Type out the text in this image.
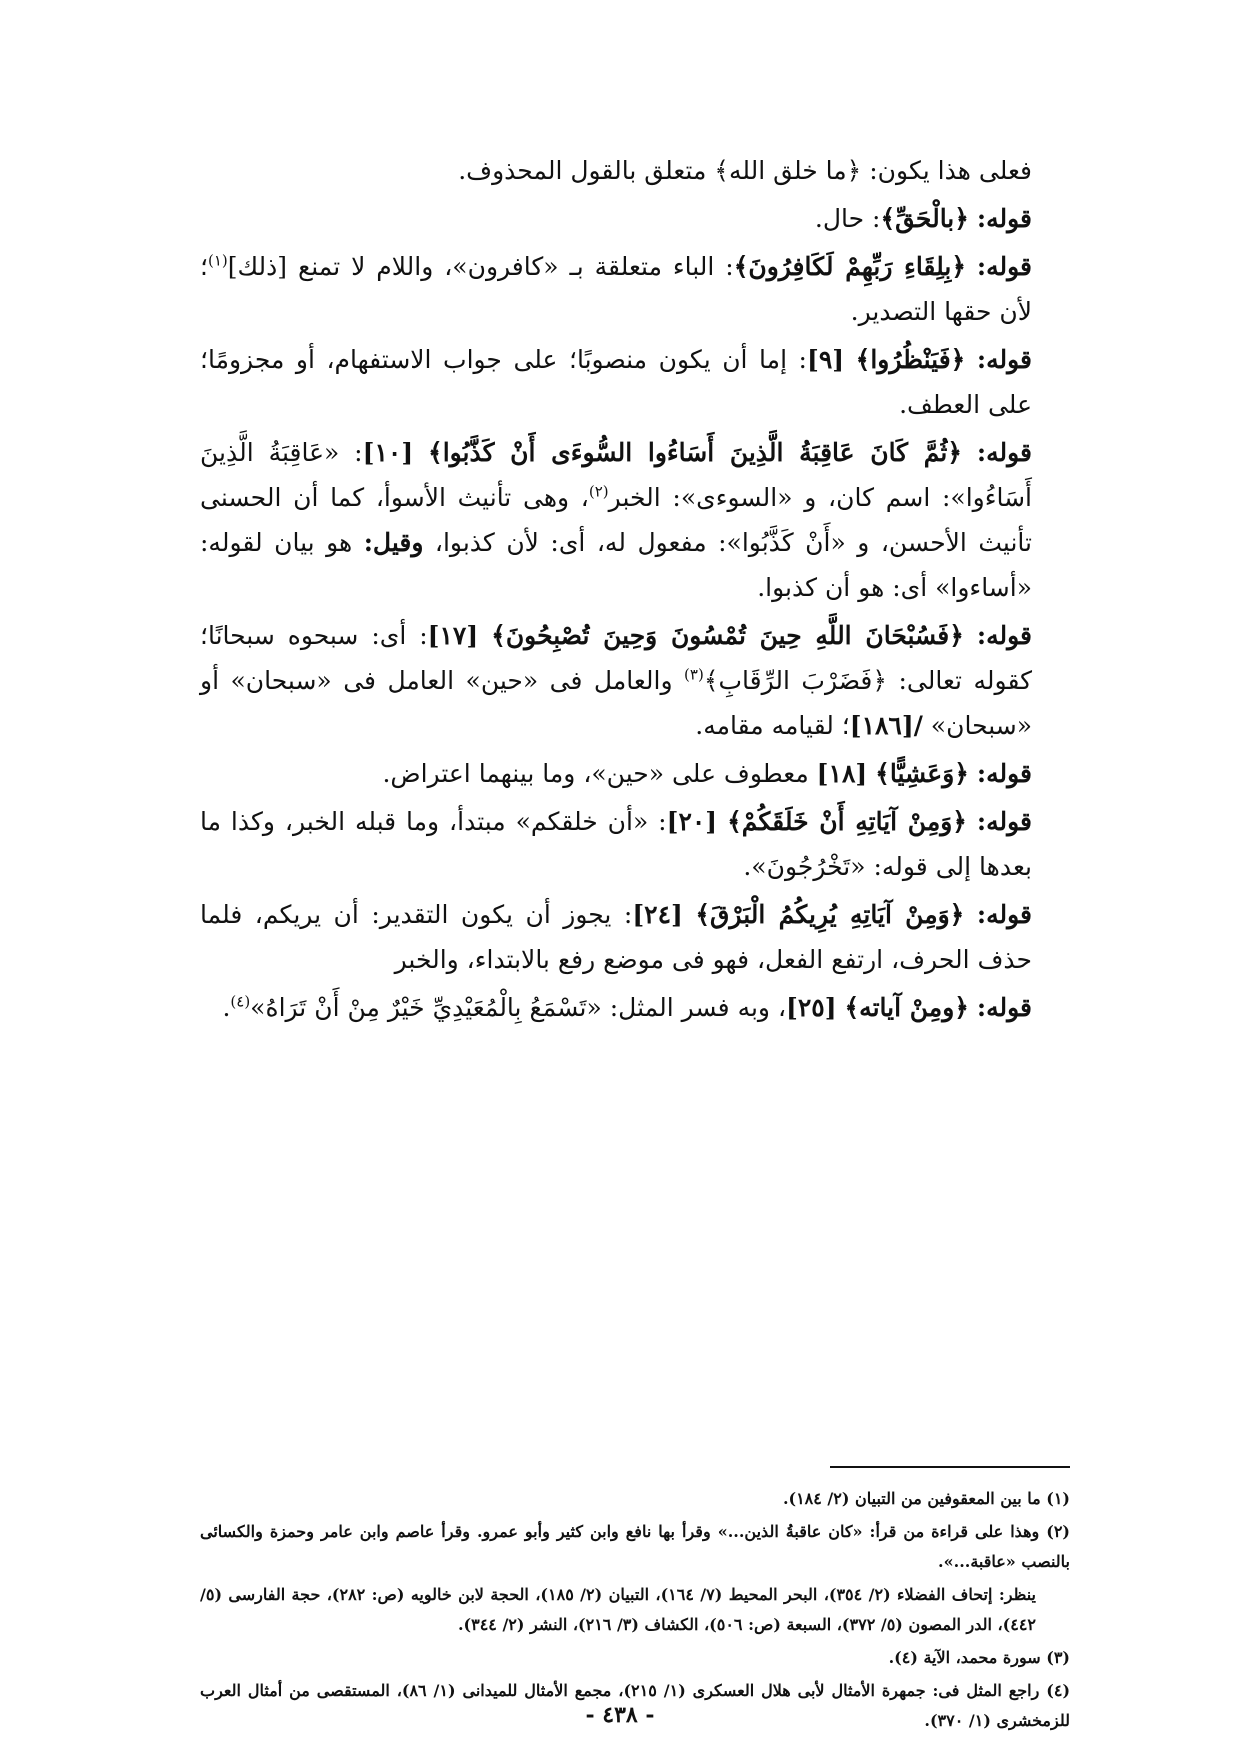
فعلى هذا يكون: ﴿ما خلق الله﴾ متعلق بالقول المحذوف.

قوله: ﴿بالْحَقِّ﴾: حال.

قوله: ﴿بِلِقَاءِ رَبِّهِمْ لَكَافِرُونَ﴾: الباء متعلقة بـ «كافرون»، واللام لا تمنع [ذلك]$^{(١)}$؛ لأن حقها التصدير.

قوله: ﴿فَيَنْظُرُوا﴾ [٩]: إما أن يكون منصوبًا؛ على جواب الاستفهام، أو مجزومًا؛ على العطف.

قوله: ﴿ثُمَّ كَانَ عَاقِبَةُ الَّذِينَ أَسَاءُوا السُّوءَى أَنْ كَذَّبُوا﴾ [١٠]: «عَاقِبَةُ الَّذِينَ أَسَاءُوا»: اسم كان، و «السوءى»: الخبر$^{(٢)}$، وهى تأنيث الأسوأ، كما أن الحسنى تأنيث الأحسن، و «أَنْ كَذَّبُوا»: مفعول له، أى: لأن كذبوا، وقيل: هو بيان لقوله: «أساءوا» أى: هو أن كذبوا.

قوله: ﴿فَسُبْحَانَ اللَّهِ حِينَ تُمْسُونَ وَحِينَ تُصْبِحُونَ﴾ [١٧]: أى: سبحوه سبحانًا؛ كقوله تعالى: ﴿فَضَرْبَ الرِّقَابِ﴾$^{(٣)}$ والعامل فى «حين» العامل فى «سبحان» أو «سبحان» /[١٨٦]؛ لقيامه مقامه.

قوله: ﴿وَعَشِيًّا﴾ [١٨] معطوف على «حين»، وما بينهما اعتراض.

قوله: ﴿وَمِنْ آيَاتِهِ أَنْ خَلَقَكُمْ﴾ [٢٠]: «أن خلقكم» مبتدأ، وما قبله الخبر، وكذا ما بعدها إلى قوله: «تَخْرُجُونَ».

قوله: ﴿وَمِنْ آيَاتِهِ يُرِيكُمُ الْبَرْقَ﴾ [٢٤]: يجوز أن يكون التقدير: أن يريكم، فلما حذف الحرف، ارتفع الفعل، فهو فى موضع رفع بالابتداء، والخبر

قوله: ﴿ومِنْ آياته﴾ [٢٥]، وبه فسر المثل: «تَسْمَعُ بِالْمُعَيْدِيِّ خَيْرٌ مِنْ أَنْ تَرَاهُ»$^{(٤)}$.

(١) ما بين المعقوفين من التبيان (٢/ ١٨٤).

(٢) وهذا على قراءة من قرأ: «كان عاقبةُ الذين...» وقرأ بها نافع وابن كثير وأبو عمرو. وقرأ عاصم وابن عامر وحمزة والكسائى بالنصب «عاقبة...».

ينظر: إتحاف الفضلاء (٢/ ٣٥٤)، البحر المحيط (٧/ ١٦٤)، التبيان (٢/ ١٨٥)، الحجة لابن خالويه (ص: ٢٨٢)، حجة الفارسى (٥/ ٤٤٢)، الدر المصون (٥/ ٣٧٢)، السبعة (ص: ٥٠٦)، الكشاف (٣/ ٢١٦)، النشر (٢/ ٣٤٤).

(٣) سورة محمد، الآية (٤).

(٤) راجع المثل فى: جمهرة الأمثال لأبى هلال العسكرى (١/ ٢١٥)، مجمع الأمثال للميدانى (١/ ٨٦)، المستقصى من أمثال العرب للزمخشرى (١/ ٣٧٠).

- ٤٣٨ -
